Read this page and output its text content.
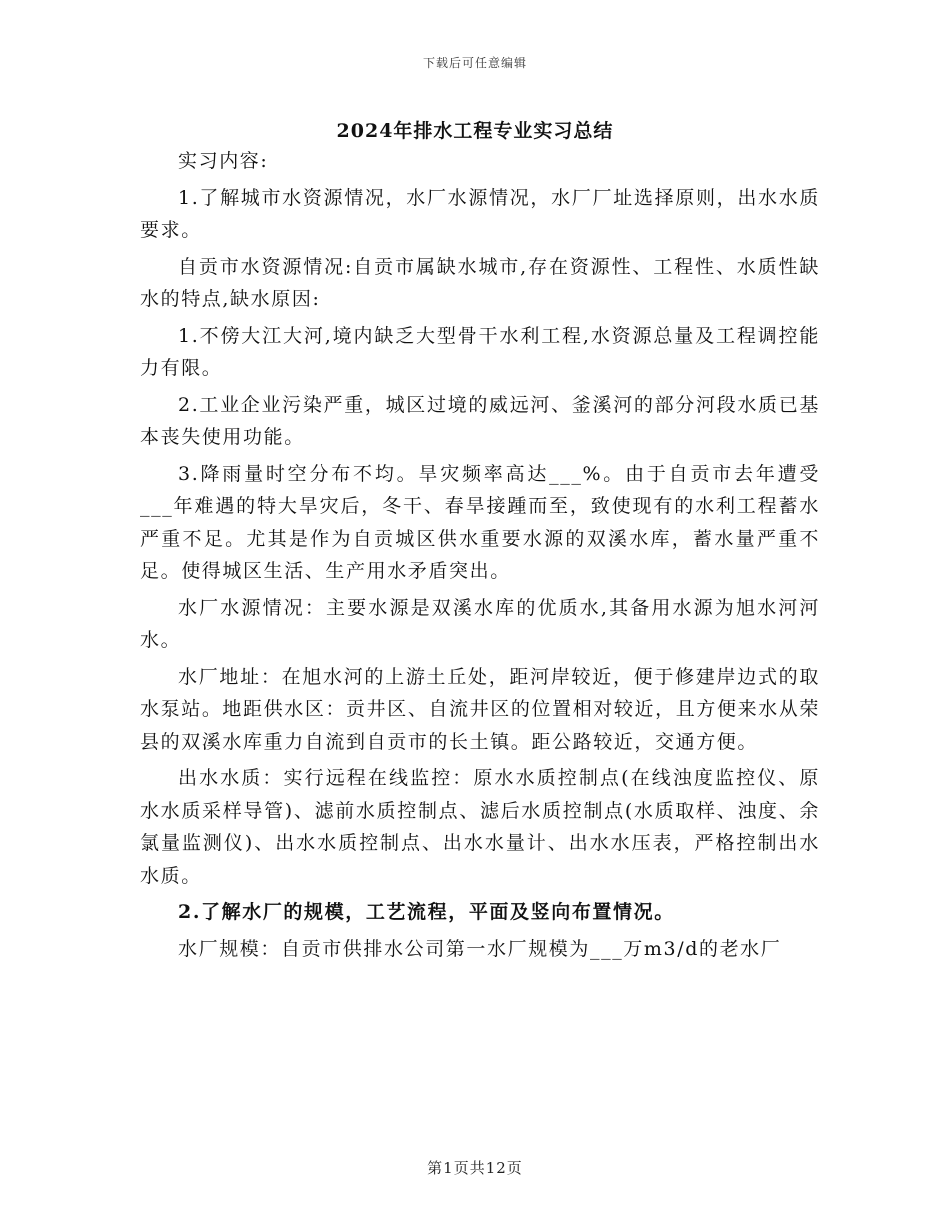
下载后可任意编辑
2024年排水工程专业实习总结

实习内容:

1.了解城市水资源情况，水厂水源情况，水厂厂址选择原则，出水水质要求。

自贡市水资源情况:自贡市属缺水城市,存在资源性、工程性、水质性缺水的特点,缺水原因:

1.不傍大江大河,境内缺乏大型骨干水利工程,水资源总量及工程调控能力有限。

2.工业企业污染严重，城区过境的威远河、釜溪河的部分河段水质已基本丧失使用功能。

3.降雨量时空分布不均。旱灾频率高达___%。由于自贡市去年遭受___年难遇的特大旱灾后，冬干、春旱接踵而至，致使现有的水利工程蓄水严重不足。尤其是作为自贡城区供水重要水源的双溪水库，蓄水量严重不足。使得城区生活、生产用水矛盾突出。

水厂水源情况：主要水源是双溪水库的优质水,其备用水源为旭水河河水。

水厂地址：在旭水河的上游土丘处，距河岸较近，便于修建岸边式的取水泵站。地距供水区：贡井区、自流井区的位置相对较近，且方便来水从荣县的双溪水库重力自流到自贡市的长土镇。距公路较近，交通方便。

出水水质：实行远程在线监控：原水水质控制点(在线浊度监控仪、原水水质采样导管)、滤前水质控制点、滤后水质控制点(水质取样、浊度、余氯量监测仪)、出水水质控制点、出水水量计、出水水压表，严格控制出水水质。

2.了解水厂的规模，工艺流程，平面及竖向布置情况。

水厂规模：自贡市供排水公司第一水厂规模为___万m3/d的老水厂

第1页共12页
